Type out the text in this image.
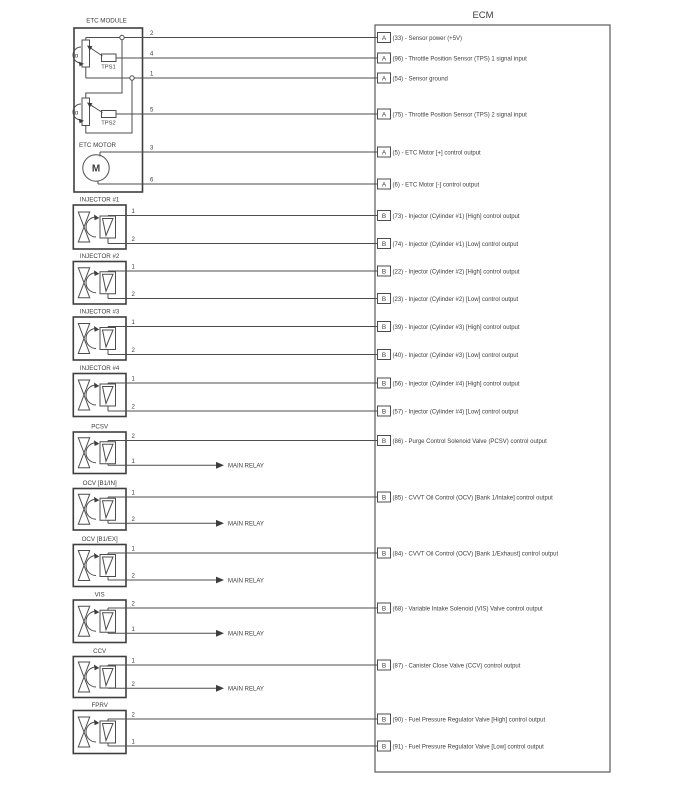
ECM
A (33) - Sensor power (+5V)
A (96) - Throttle Position Sensor (TPS) 1 signal input
A (54) - Sensor ground
A (75) - Throttle Position Sensor (TPS) 2 signal input
A (5) - ETC Motor [+] control output
A (6) - ETC Motor [-] control output
B (73) - Injector (Cylinder #1) [High] control output
B (74) - Injector (Cylinder #1) [Low] control output
B (22) - Injector (Cylinder #2) [High] control output
B (23) - Injector (Cylinder #2) [Low] control output
B (39) - Injector (Cylinder #3) [High] control output
B (40) - Injector (Cylinder #3) [Low] control output
B (56) - Injector (Cylinder #4) [High] control output
B (57) - Injector (Cylinder #4) [Low] control output
B (86) - Purge Control Solenoid Valve (PCSV) control output
B (85) - CVVT Oil Control (OCV) [Bank 1/Intake] control output
B (84) - CVVT Oil Control (OCV) [Bank 1/Exhaust] control output
B (68) - Variable Intake Solenoid (VIS) Valve control output
B (87) - Canister Close Valve (CCV) control output
B (90) - Fuel Pressure Regulator Valve [High] control output
B (91) - Fuel Pressure Regulator Valve [Low] control output
ETC MODULE
2
4
1
5
3
6
TPS1
α
TPS2
α
ETC MOTOR
M
INJECTOR #1
1
2
INJECTOR #2
1
2
INJECTOR #3
1
2
INJECTOR #4
1
2
PCSV
2
1
MAIN RELAY
OCV [B1/IN]
1
2
MAIN RELAY
OCV [B1/EX]
1
2
MAIN RELAY
VIS
2
1
MAIN RELAY
CCV
1
2
MAIN RELAY
FPRV
2
1
